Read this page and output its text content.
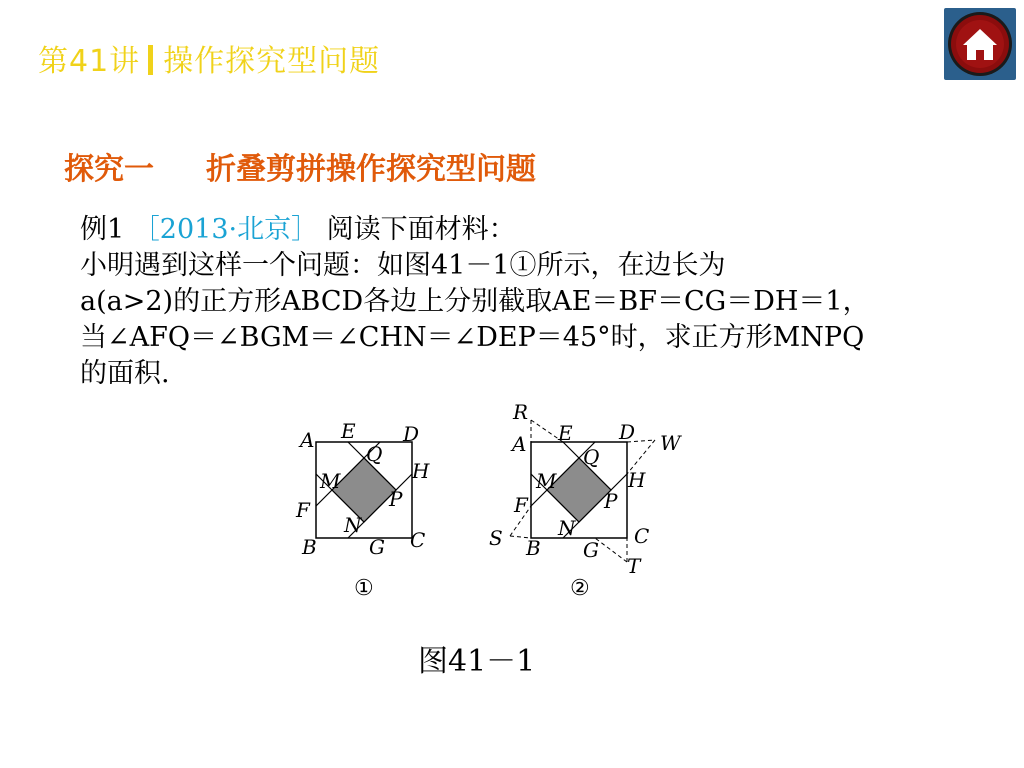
第41讲 操作探究型问题
探究一 折叠剪拼操作探究型问题
例1 ［2013·北京］ 阅读下面材料：
小明遇到这样一个问题：如图41－1①所示，在边长为
a(a>2)的正方形ABCD各边上分别截取AE＝BF＝CG＝DH＝1，
当∠AFQ＝∠BGM＝∠CHN＝∠DEP＝45°时，求正方形MNPQ
的面积.
A E D
Q
H
M
P
F
N
B	G C
R
A E D W
Q
H
M
P
F
N
S B G
C
T
①	②
图41－1
